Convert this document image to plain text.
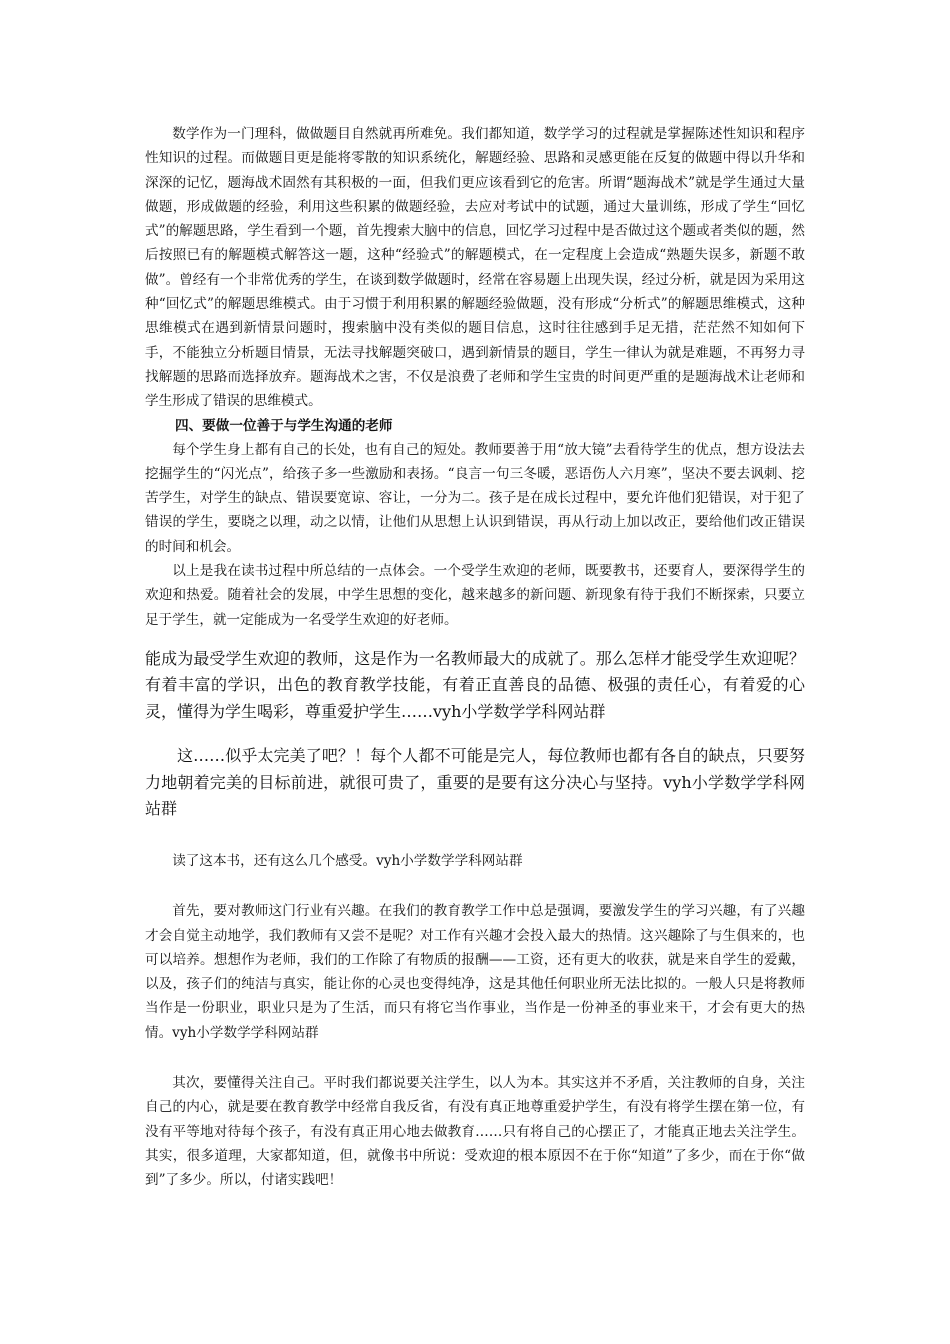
数学作为一门理科，做做题目自然就再所难免。我们都知道，数学学习的过程就是掌握陈述性知识和程序性知识的过程。而做题目更是能将零散的知识系统化，解题经验、思路和灵感更能在反复的做题中得以升华和深深的记忆，题海战术固然有其积极的一面，但我们更应该看到它的危害。所谓“题海战术”就是学生通过大量做题，形成做题的经验，利用这些积累的做题经验，去应对考试中的试题，通过大量训练，形成了学生“回忆式”的解题思路，学生看到一个题，首先搜索大脑中的信息，回忆学习过程中是否做过这个题或者类似的题，然后按照已有的解题模式解答这一题，这种“经验式”的解题模式，在一定程度上会造成“熟题失误多，新题不敢做”。曾经有一个非常优秀的学生，在谈到数学做题时，经常在容易题上出现失误，经过分析，就是因为采用这种“回忆式”的解题思维模式。由于习惯于利用积累的解题经验做题，没有形成“分析式”的解题思维模式，这种思维模式在遇到新情景问题时，搜索脑中没有类似的题目信息，这时往往感到手足无措，茫茫然不知如何下手，不能独立分析题目情景，无法寻找解题突破口，遇到新情景的题目，学生一律认为就是难题，不再努力寻找解题的思路而选择放弃。题海战术之害，不仅是浪费了老师和学生宝贵的时间更严重的是题海战术让老师和学生形成了错误的思维模式。

四、要做一位善于与学生沟通的老师

每个学生身上都有自己的长处，也有自己的短处。教师要善于用“放大镜”去看待学生的优点，想方设法去挖掘学生的“闪光点”，给孩子多一些激励和表扬。“良言一句三冬暖，恶语伤人六月寒”，坚决不要去讽刺、挖苦学生，对学生的缺点、错误要宽谅、容让，一分为二。孩子是在成长过程中，要允许他们犯错误，对于犯了错误的学生，要晓之以理，动之以情，让他们从思想上认识到错误，再从行动上加以改正，要给他们改正错误的时间和机会。

以上是我在读书过程中所总结的一点体会。一个受学生欢迎的老师，既要教书，还要育人，要深得学生的欢迎和热爱。随着社会的发展，中学生思想的变化，越来越多的新问题、新现象有待于我们不断探索，只要立足于学生，就一定能成为一名受学生欢迎的好老师。

能成为最受学生欢迎的教师，这是作为一名教师最大的成就了。那么怎样才能受学生欢迎呢？有着丰富的学识，出色的教育教学技能，有着正直善良的品德、极强的责任心，有着爱的心灵，懂得为学生喝彩，尊重爱护学生……vyh小学数学学科网站群

这……似乎太完美了吧？！每个人都不可能是完人，每位教师也都有各自的缺点，只要努力地朝着完美的目标前进，就很可贵了，重要的是要有这分决心与坚持。vyh小学数学学科网站群

读了这本书，还有这么几个感受。vyh小学数学学科网站群

首先，要对教师这门行业有兴趣。在我们的教育教学工作中总是强调，要激发学生的学习兴趣，有了兴趣才会自觉主动地学，我们教师有又尝不是呢？对工作有兴趣才会投入最大的热情。这兴趣除了与生俱来的，也可以培养。想想作为老师，我们的工作除了有物质的报酬——工资，还有更大的收获，就是来自学生的爱戴，以及，孩子们的纯洁与真实，能让你的心灵也变得纯净，这是其他任何职业所无法比拟的。一般人只是将教师当作是一份职业，职业只是为了生活，而只有将它当作事业，当作是一份神圣的事业来干，才会有更大的热情。vyh小学数学学科网站群

其次，要懂得关注自己。平时我们都说要关注学生，以人为本。其实这并不矛盾，关注教师的自身，关注自己的内心，就是要在教育教学中经常自我反省，有没有真正地尊重爱护学生，有没有将学生摆在第一位，有没有平等地对待每个孩子，有没有真正用心地去做教育……只有将自己的心摆正了，才能真正地去关注学生。其实，很多道理，大家都知道，但，就像书中所说：受欢迎的根本原因不在于你“知道”了多少，而在于你“做到”了多少。所以，付诸实践吧！
